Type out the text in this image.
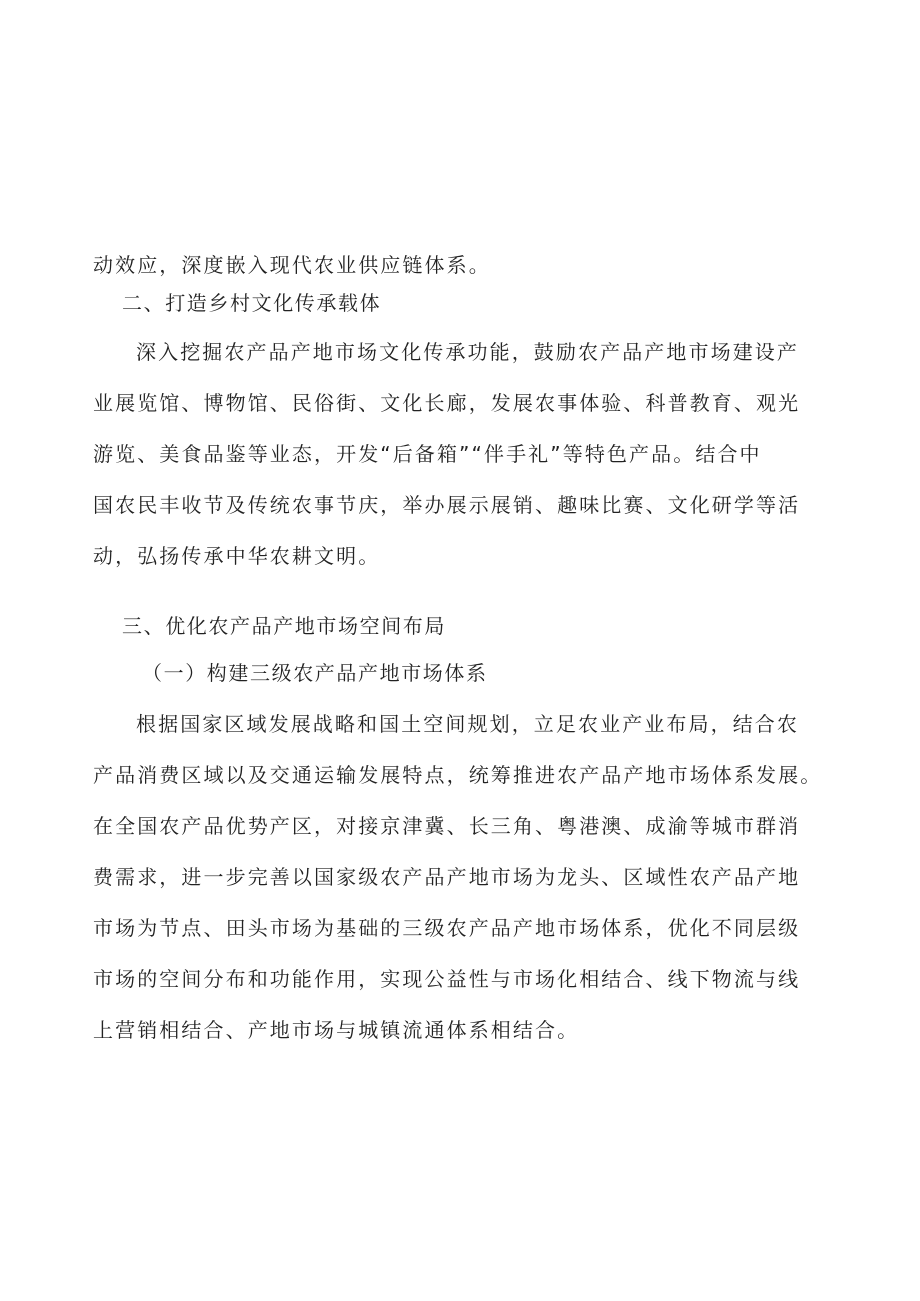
动效应，深度嵌入现代农业供应链体系。
二、打造乡村文化传承载体
深入挖掘农产品产地市场文化传承功能，鼓励农产品产地市场建设产
业展览馆、博物馆、民俗街、文化长廊，发展农事体验、科普教育、观光
游览、美食品鉴等业态，开发“后备箱”“伴手礼”等特色产品。结合中
国农民丰收节及传统农事节庆，举办展示展销、趣味比赛、文化研学等活
动，弘扬传承中华农耕文明。
三、优化农产品产地市场空间布局
（一）构建三级农产品产地市场体系
根据国家区域发展战略和国土空间规划，立足农业产业布局，结合农
产品消费区域以及交通运输发展特点，统筹推进农产品产地市场体系发展。
在全国农产品优势产区，对接京津冀、长三角、粤港澳、成渝等城市群消
费需求，进一步完善以国家级农产品产地市场为龙头、区域性农产品产地
市场为节点、田头市场为基础的三级农产品产地市场体系，优化不同层级
市场的空间分布和功能作用，实现公益性与市场化相结合、线下物流与线
上营销相结合、产地市场与城镇流通体系相结合。
